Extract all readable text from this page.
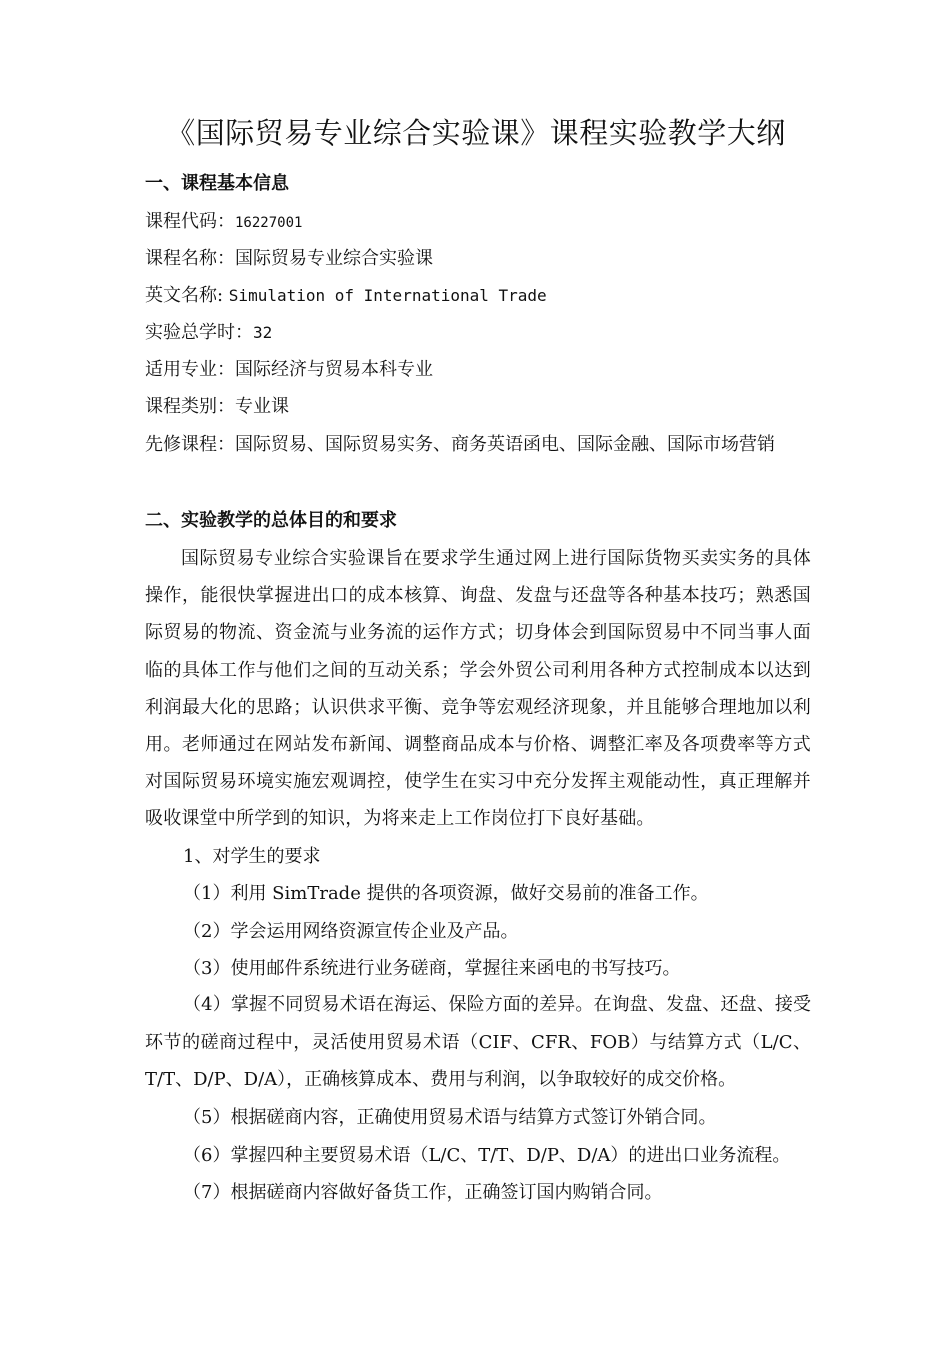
《国际贸易专业综合实验课》课程实验教学大纲
一、课程基本信息
课程代码：16227001
课程名称：国际贸易专业综合实验课
英文名称: Simulation of International Trade
实验总学时：32
适用专业：国际经济与贸易本科专业
课程类别：专业课
先修课程：国际贸易、国际贸易实务、商务英语函电、国际金融、国际市场营销
二、实验教学的总体目的和要求
国际贸易专业综合实验课旨在要求学生通过网上进行国际货物买卖实务的具体操作，能很快掌握进出口的成本核算、询盘、发盘与还盘等各种基本技巧；熟悉国际贸易的物流、资金流与业务流的运作方式；切身体会到国际贸易中不同当事人面临的具体工作与他们之间的互动关系；学会外贸公司利用各种方式控制成本以达到利润最大化的思路；认识供求平衡、竞争等宏观经济现象，并且能够合理地加以利用。老师通过在网站发布新闻、调整商品成本与价格、调整汇率及各项费率等方式对国际贸易环境实施宏观调控，使学生在实习中充分发挥主观能动性，真正理解并吸收课堂中所学到的知识，为将来走上工作岗位打下良好基础。
1、对学生的要求
（1）利用 SimTrade 提供的各项资源，做好交易前的准备工作。
（2）学会运用网络资源宣传企业及产品。
（3）使用邮件系统进行业务磋商，掌握往来函电的书写技巧。
（4）掌握不同贸易术语在海运、保险方面的差异。在询盘、发盘、还盘、接受环节的磋商过程中，灵活使用贸易术语（CIF、CFR、FOB）与结算方式（L/C、T/T、D/P、D/A），正确核算成本、费用与利润，以争取较好的成交价格。
（5）根据磋商内容，正确使用贸易术语与结算方式签订外销合同。
（6）掌握四种主要贸易术语（L/C、T/T、D/P、D/A）的进出口业务流程。
（7）根据磋商内容做好备货工作，正确签订国内购销合同。
